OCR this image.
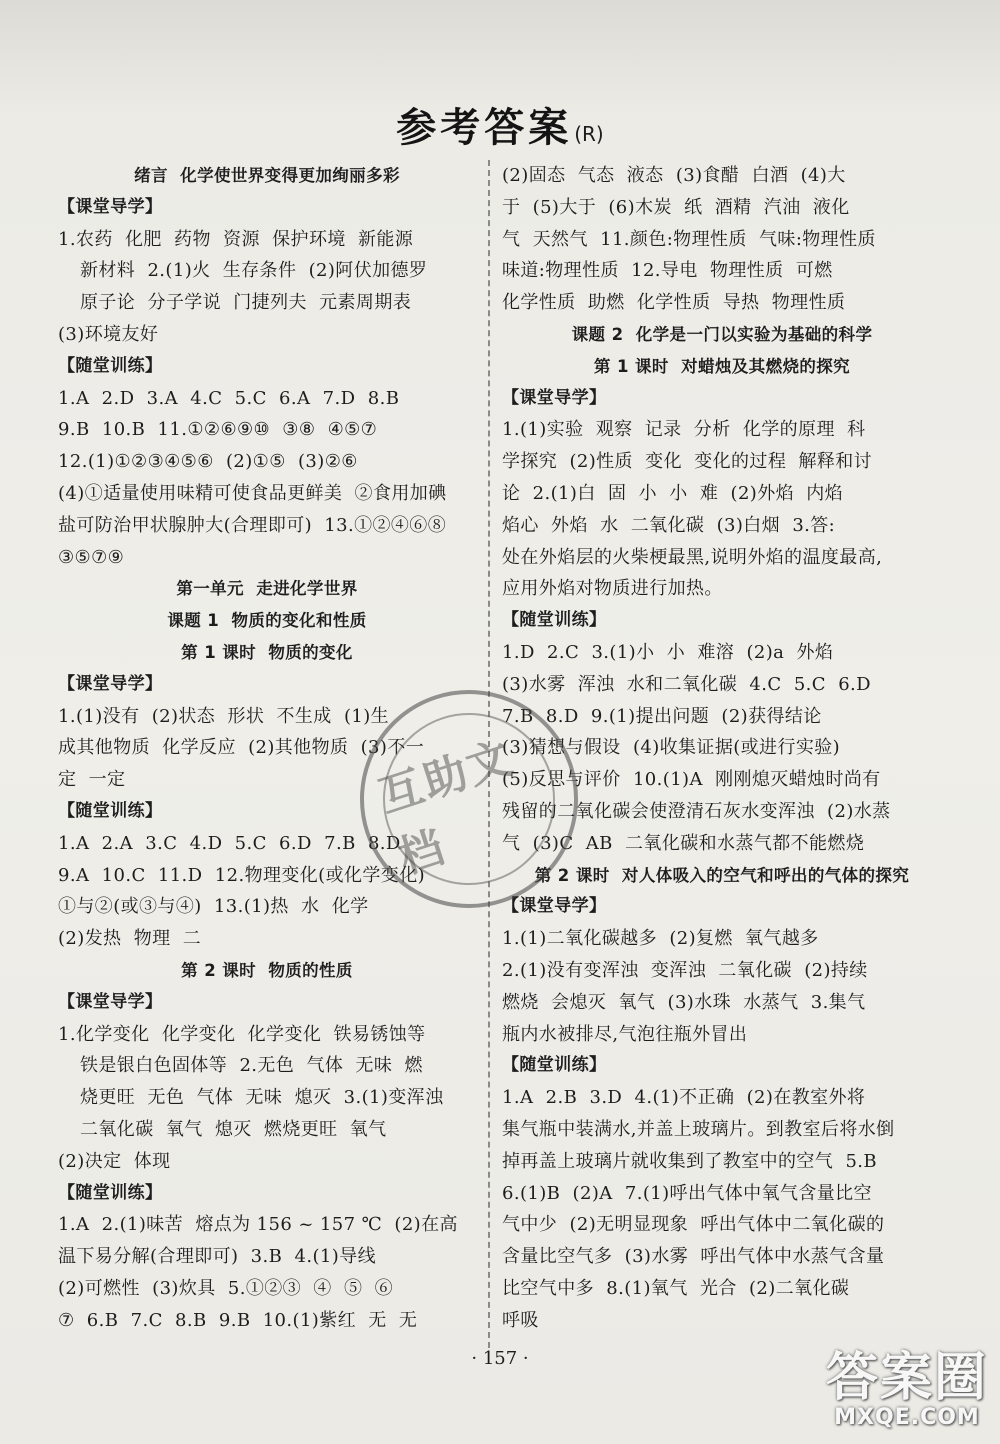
参考答案 (R)
绪言  化学使世界变得更加绚丽多彩
【课堂导学】
1.农药  化肥  药物  资源  保护环境  新能源
新材料  2.(1)火  生存条件  (2)阿伏加德罗
原子论  分子学说  门捷列夫  元素周期表
(3)环境友好
【随堂训练】
1.A  2.D  3.A  4.C  5.C  6.A  7.D  8.B
9.B  10.B  11.①②⑥⑨⑩  ③⑧  ④⑤⑦
12.(1)①②③④⑤⑥  (2)①⑤  (3)②⑥
(4)①适量使用味精可使食品更鲜美  ②食用加碘
盐可防治甲状腺肿大(合理即可)  13.①②④⑥⑧
③⑤⑦⑨
第一单元  走进化学世界
课题 1  物质的变化和性质
第 1 课时  物质的变化
【课堂导学】
1.(1)没有  (2)状态  形状  不生成  (1)生
成其他物质  化学反应  (2)其他物质  (3)不一
定  一定
【随堂训练】
1.A  2.A  3.C  4.D  5.C  6.D  7.B  8.D
9.A  10.C  11.D  12.物理变化(或化学变化)
①与②(或③与④)  13.(1)热  水  化学
(2)发热  物理  二
第 2 课时  物质的性质
【课堂导学】
1.化学变化  化学变化  化学变化  铁易锈蚀等
铁是银白色固体等  2.无色  气体  无味  燃
烧更旺  无色  气体  无味  熄灭  3.(1)变浑浊
二氧化碳  氧气  熄灭  燃烧更旺  氧气
(2)决定  体现
【随堂训练】
1.A  2.(1)味苦  熔点为 156 ~ 157 ℃  (2)在高
温下易分解(合理即可)  3.B  4.(1)导线
(2)可燃性  (3)炊具  5.①②③  ④  ⑤  ⑥
⑦  6.B  7.C  8.B  9.B  10.(1)紫红  无  无
(2)固态  气态  液态  (3)食醋  白酒  (4)大
于  (5)大于  (6)木炭  纸  酒精  汽油  液化
气  天然气  11.颜色:物理性质  气味:物理性质
味道:物理性质  12.导电  物理性质  可燃
化学性质  助燃  化学性质  导热  物理性质
课题 2  化学是一门以实验为基础的科学
第 1 课时  对蜡烛及其燃烧的探究
【课堂导学】
1.(1)实验  观察  记录  分析  化学的原理  科
学探究  (2)性质  变化  变化的过程  解释和讨
论  2.(1)白  固  小  小  难  (2)外焰  内焰
焰心  外焰  水  二氧化碳  (3)白烟  3.答:
处在外焰层的火柴梗最黑,说明外焰的温度最高,
应用外焰对物质进行加热。
【随堂训练】
1.D  2.C  3.(1)小  小  难溶  (2)a  外焰
(3)水雾  浑浊  水和二氧化碳  4.C  5.C  6.D
7.B  8.D  9.(1)提出问题  (2)获得结论
(3)猜想与假设  (4)收集证据(或进行实验)
(5)反思与评价  10.(1)A  刚刚熄灭蜡烛时尚有
残留的二氧化碳会使澄清石灰水变浑浊  (2)水蒸
气  (3)C  AB  二氧化碳和水蒸气都不能燃烧
第 2 课时  对人体吸入的空气和呼出的气体的探究
【课堂导学】
1.(1)二氧化碳越多  (2)复燃  氧气越多
2.(1)没有变浑浊  变浑浊  二氧化碳  (2)持续
燃烧  会熄灭  氧气  (3)水珠  水蒸气  3.集气
瓶内水被排尽,气泡往瓶外冒出
【随堂训练】
1.A  2.B  3.D  4.(1)不正确  (2)在教室外将
集气瓶中装满水,并盖上玻璃片。到教室后将水倒
掉再盖上玻璃片就收集到了教室中的空气  5.B
6.(1)B  (2)A  7.(1)呼出气体中氧气含量比空
气中少  (2)无明显现象  呼出气体中二氧化碳的
含量比空气多  (3)水雾  呼出气体中水蒸气含量
比空气中多  8.(1)氧气  光合  (2)二氧化碳
呼吸
互助文档
· 157 ·	答案圈
MXQE.COM
